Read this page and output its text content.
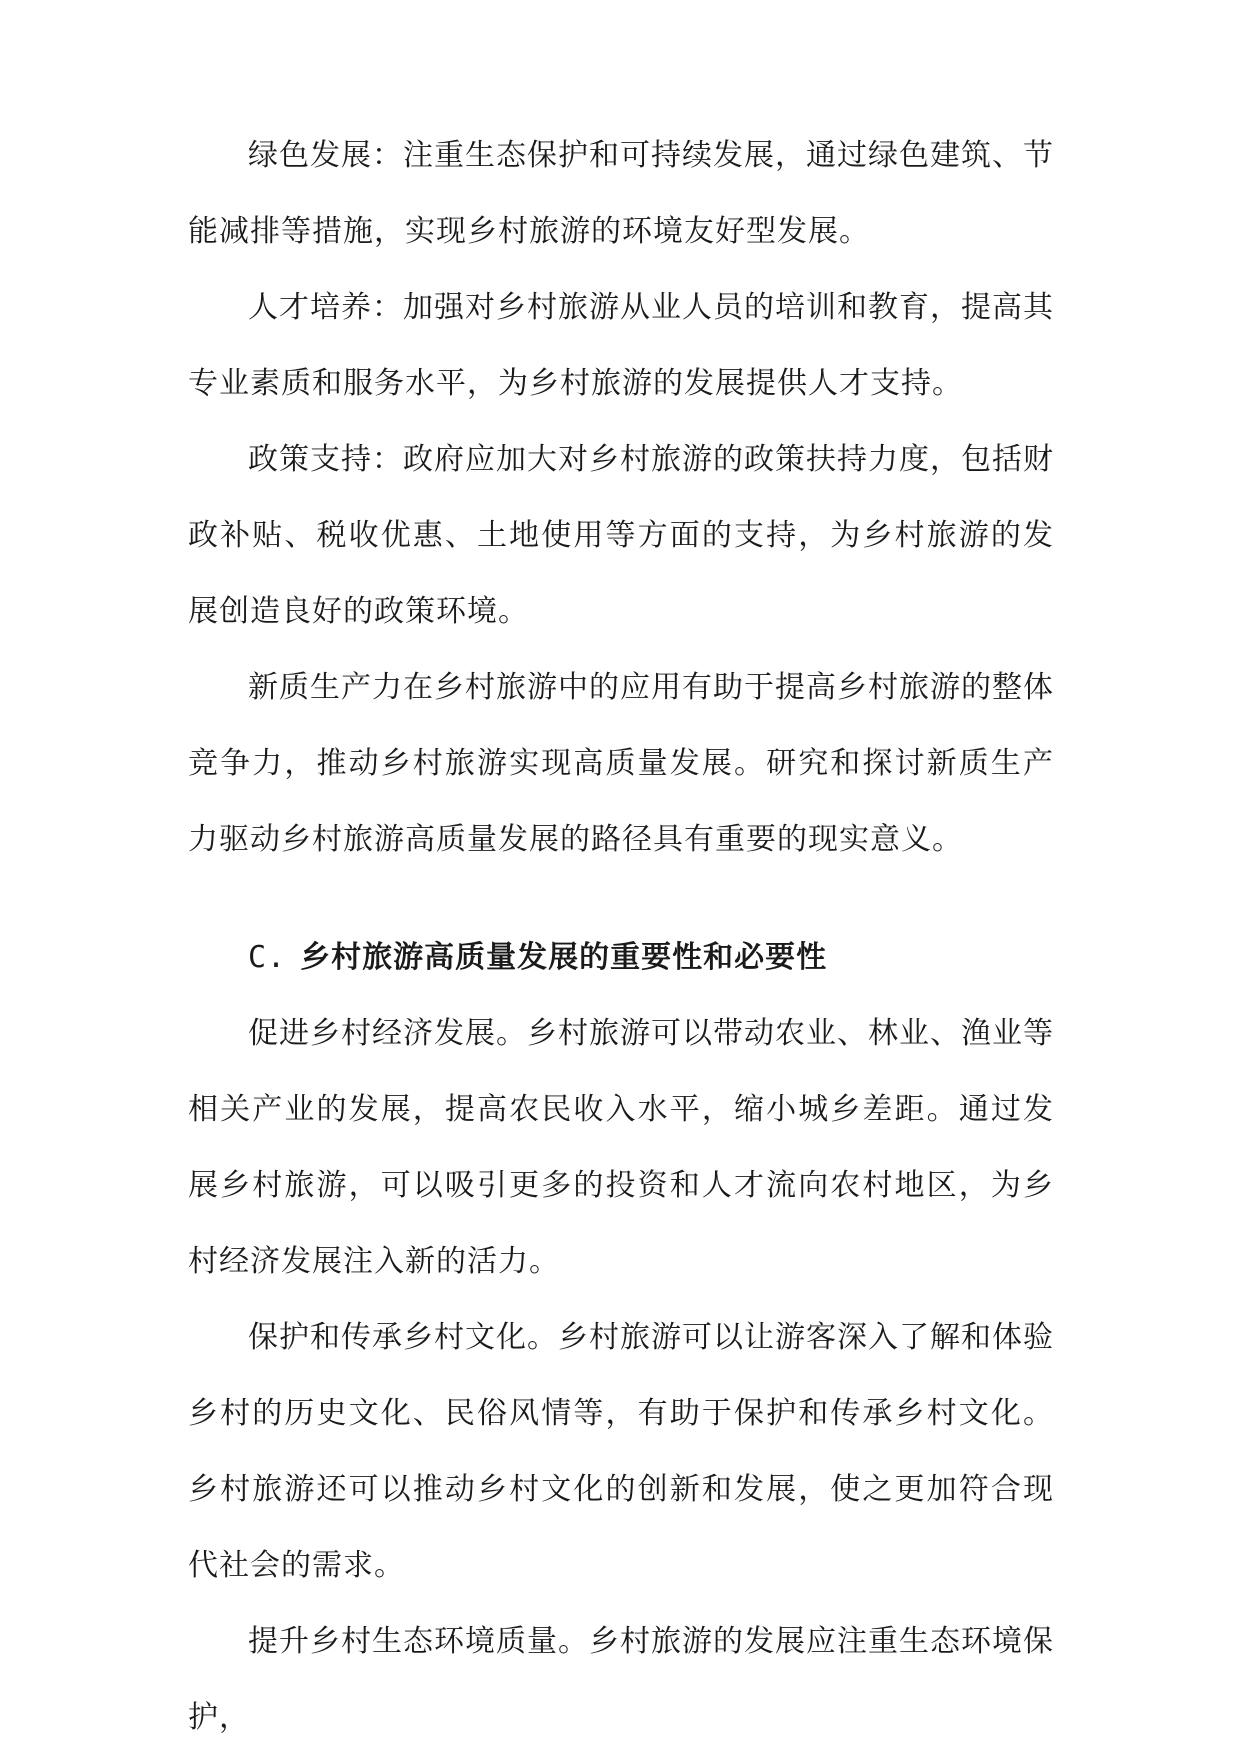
绿色发展：注重生态保护和可持续发展，通过绿色建筑、节能减排等措施，实现乡村旅游的环境友好型发展。

人才培养：加强对乡村旅游从业人员的培训和教育，提高其专业素质和服务水平，为乡村旅游的发展提供人才支持。

政策支持：政府应加大对乡村旅游的政策扶持力度，包括财政补贴、税收优惠、土地使用等方面的支持，为乡村旅游的发展创造良好的政策环境。

新质生产力在乡村旅游中的应用有助于提高乡村旅游的整体竞争力，推动乡村旅游实现高质量发展。研究和探讨新质生产力驱动乡村旅游高质量发展的路径具有重要的现实意义。

C. 乡村旅游高质量发展的重要性和必要性

促进乡村经济发展。乡村旅游可以带动农业、林业、渔业等相关产业的发展，提高农民收入水平，缩小城乡差距。通过发展乡村旅游，可以吸引更多的投资和人才流向农村地区，为乡村经济发展注入新的活力。

保护和传承乡村文化。乡村旅游可以让游客深入了解和体验乡村的历史文化、民俗风情等，有助于保护和传承乡村文化。乡村旅游还可以推动乡村文化的创新和发展，使之更加符合现代社会的需求。

提升乡村生态环境质量。乡村旅游的发展应注重生态环境保护，
